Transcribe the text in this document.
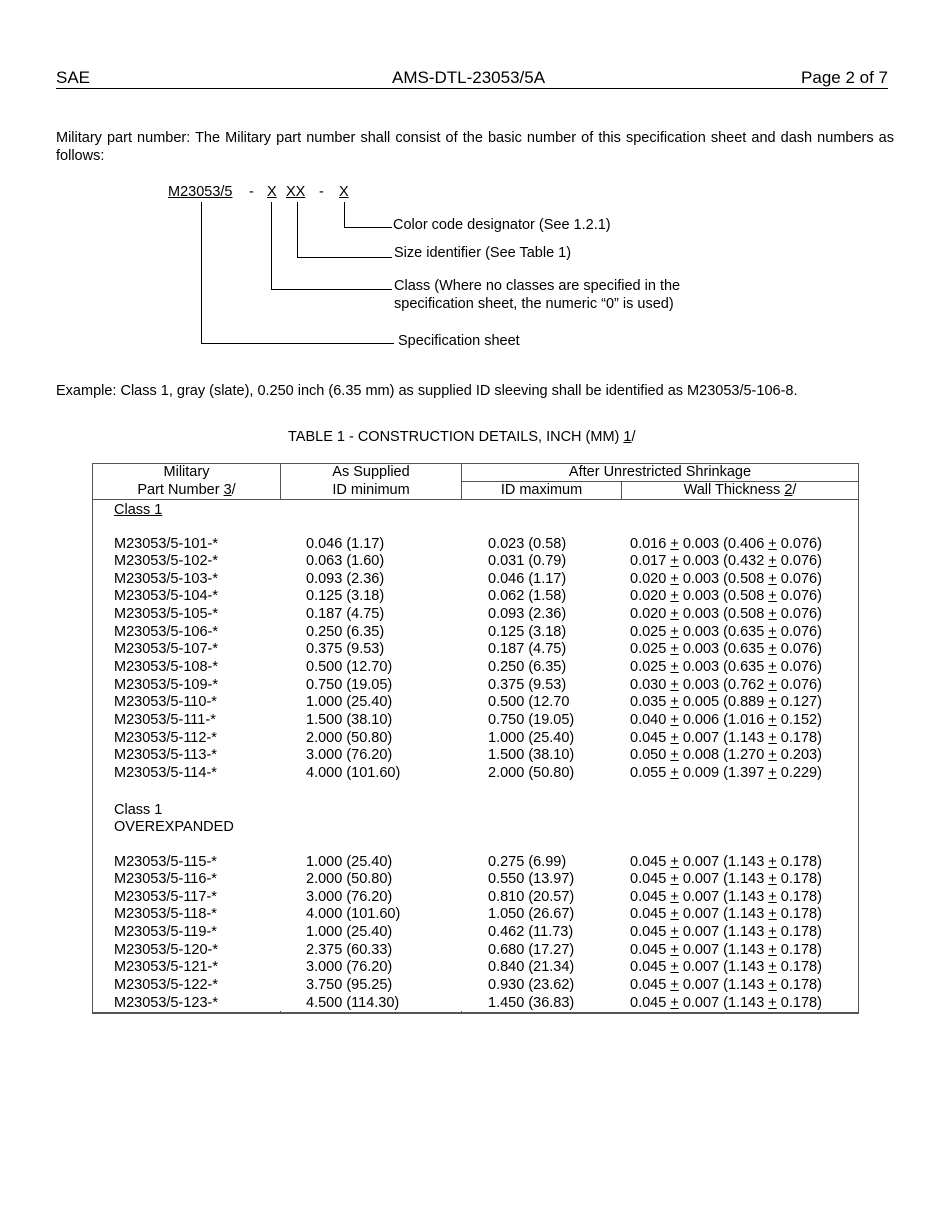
SAE	AMS-DTL-23053/5A	Page 2 of 7
Military part number: The Military part number shall consist of the basic number of this specification sheet and dash numbers as follows:
M23053/5 - X XX - X
Color code designator (See 1.2.1)
Size identifier (See Table 1)
Class (Where no classes are specified in the
specification sheet, the numeric “0” is used)
Specification sheet
Example: Class 1, gray (slate), 0.250 inch (6.35 mm) as supplied ID sleeving shall be identified as M23053/5-106-8.
TABLE 1 - CONSTRUCTION DETAILS, INCH (MM) 1/
Military
Part Number 3/
As Supplied
ID minimum
After Unrestricted Shrinkage
ID maximum	Wall Thickness 2/
Class 1
M23053/5-101-*	0.046 (1.17)	0.023 (0.58)	0.016 + 0.003 (0.406 + 0.076)
M23053/5-102-*	0.063 (1.60)	0.031 (0.79)	0.017 + 0.003 (0.432 + 0.076)
M23053/5-103-*	0.093 (2.36)	0.046 (1.17)	0.020 + 0.003 (0.508 + 0.076)
M23053/5-104-*	0.125 (3.18)	0.062 (1.58)	0.020 + 0.003 (0.508 + 0.076)
M23053/5-105-*	0.187 (4.75)	0.093 (2.36)	0.020 + 0.003 (0.508 + 0.076)
M23053/5-106-*	0.250 (6.35)	0.125 (3.18)	0.025 + 0.003 (0.635 + 0.076)
M23053/5-107-*	0.375 (9.53)	0.187 (4.75)	0.025 + 0.003 (0.635 + 0.076)
M23053/5-108-*	0.500 (12.70)	0.250 (6.35)	0.025 + 0.003 (0.635 + 0.076)
M23053/5-109-*	0.750 (19.05)	0.375 (9.53)	0.030 + 0.003 (0.762 + 0.076)
M23053/5-110-*	1.000 (25.40)	0.500 (12.70	0.035 + 0.005 (0.889 + 0.127)
M23053/5-111-*	1.500 (38.10)	0.750 (19.05)	0.040 + 0.006 (1.016 + 0.152)
M23053/5-112-*	2.000 (50.80)	1.000 (25.40)	0.045 + 0.007 (1.143 + 0.178)
M23053/5-113-*	3.000 (76.20)	1.500 (38.10)	0.050 + 0.008 (1.270 + 0.203)
M23053/5-114-*	4.000 (101.60)	2.000 (50.80)	0.055 + 0.009 (1.397 + 0.229)
Class 1
OVEREXPANDED
M23053/5-115-*	1.000 (25.40)	0.275 (6.99)	0.045 + 0.007 (1.143 + 0.178)
M23053/5-116-*	2.000 (50.80)	0.550 (13.97)	0.045 + 0.007 (1.143 + 0.178)
M23053/5-117-*	3.000 (76.20)	0.810 (20.57)	0.045 + 0.007 (1.143 + 0.178)
M23053/5-118-*	4.000 (101.60)	1.050 (26.67)	0.045 + 0.007 (1.143 + 0.178)
M23053/5-119-*	1.000 (25.40)	0.462 (11.73)	0.045 + 0.007 (1.143 + 0.178)
M23053/5-120-*	2.375 (60.33)	0.680 (17.27)	0.045 + 0.007 (1.143 + 0.178)
M23053/5-121-*	3.000 (76.20)	0.840 (21.34)	0.045 + 0.007 (1.143 + 0.178)
M23053/5-122-*	3.750 (95.25)	0.930 (23.62)	0.045 + 0.007 (1.143 + 0.178)
M23053/5-123-*	4.500 (114.30)	1.450 (36.83)	0.045 + 0.007 (1.143 + 0.178)
